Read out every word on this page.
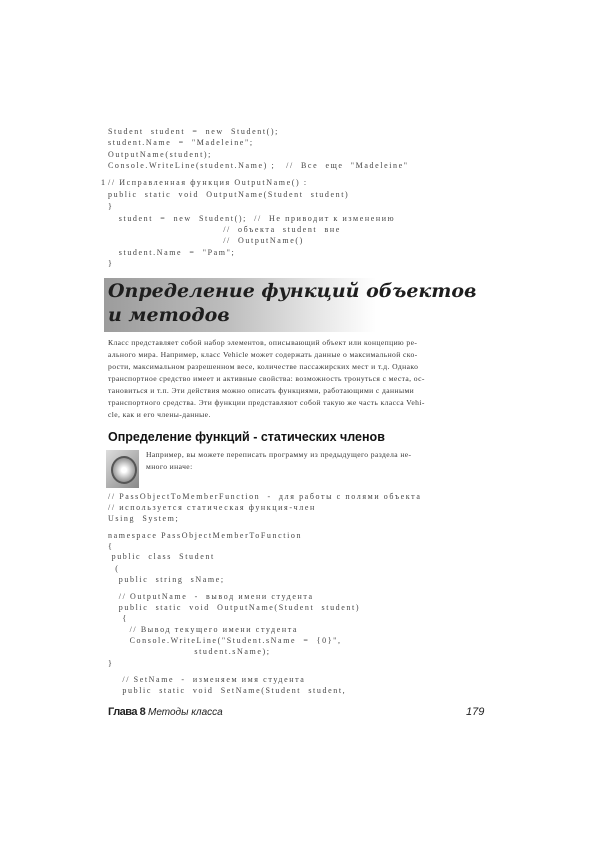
Student  student  =  new  Student();
student.Name  =  "Madeleine";
OutputName(student);
Console.WriteLine(student.Name) ;   //  Все  еще  "Madeleine"
// Исправленная функция OutputName() :
public  static  void  OutputName(Student  student)
}
student  =  new  Student();  //  Не приводит к изменению
//  объекта  student  вне
//  OutputName()
student.Name  =  "Pam";
}
1
Определение функций объектов
и методов
Класс представляет собой набор элементов, описывающий объект или концепцию ре-
ального мира. Например, класс Vehicle может содержать данные о максимальной ско-
рости, максимальном разрешенном весе, количестве пассажирских мест и т.д. Однако
транспортное средство имеет и активные свойства: возможность тронуться с места, ос-
тановиться и т.п. Эти действия можно описать функциями, работающими с данными
транспортного средства. Эти функции представляют собой такую же часть класса Vehi-
cle, как и его члены-данные.
Определение функций - статических членов
Например, вы можете переписать программу из предыдущего раздела не-
много иначе:
// PassObjectToMemberFunction  -  для работы с полями объекта
// используется статическая функция-член
Using  System;
namespace PassObjectMemberToFunction
{
public  class  Student
(
public  string  sName;
// OutputName  -  вывод имени студента
public  static  void  OutputName(Student  student)
{
// Вывод текущего имени студента
Console.WriteLine("Student.sName  =  {0}",
student.sName);
}
// SetName  -  изменяем имя студента
public  static  void  SetName(Student  student,
Глава 8 Методы класса	179
